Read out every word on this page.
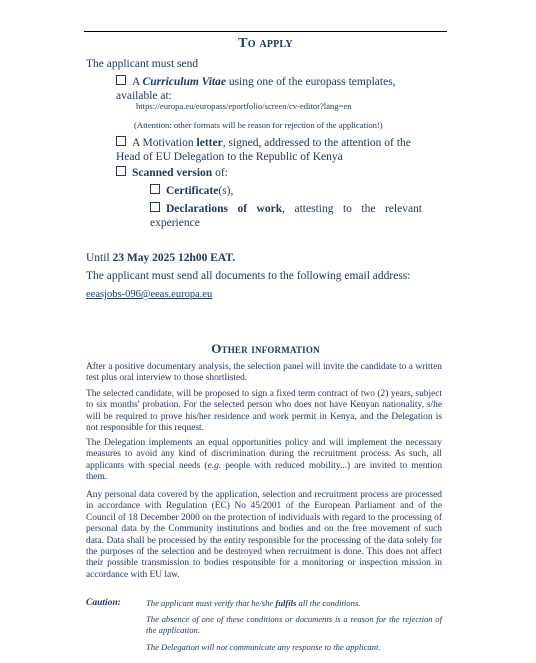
To apply
The applicant must send
A Curriculum Vitae using one of the europass templates, available at:
https://europa.eu/europass/eportfolio/screen/cv-editor?lang=en
(Attention: other formats will be reason for rejection of the application!)
A Motivation letter, signed, addressed to the attention of the Head of EU Delegation to the Republic of Kenya
Scanned version of:
Certificate(s),
Declarations of work, attesting to the relevant experience
Until 23 May 2025 12h00 EAT.
The applicant must send all documents to the following email address:
eeasjobs-096@eeas.europa.eu
Other information
After a positive documentary analysis, the selection panel will invite the candidate to a written test plus oral interview to those shortlisted.
The selected candidate, will be proposed to sign a fixed term contract of two (2) years, subject to six months' probation. For the selected person who does not have Kenyan nationality, s/he will be required to prove his/her residence and work permit in Kenya, and the Delegation is not responsible for this request.
The Delegation implements an equal opportunities policy and will implement the necessary measures to avoid any kind of discrimination during the recruitment process. As such, all applicants with special needs (e.g. people with reduced mobility...) are invited to mention them.
Any personal data covered by the application, selection and recruitment process are processed in accordance with Regulation (EC) No 45/2001 of the European Parliament and of the Council of 18 December 2000 on the protection of individuals with regard to the processing of personal data by the Community institutions and bodies and on the free movement of such data. Data shall be processed by the entity responsible for the processing of the data solely for the purposes of the selection and be destroyed when recruitment is done. This does not affect their possible transmission to bodies responsible for a monitoring or inspection mission in accordance with EU law.
Caution:	The applicant must verify that he/she fulfils all the conditions.
The absence of one of these conditions or documents is a reason for the rejection of the application.
The Delegation will not communicate any response to the applicant.
